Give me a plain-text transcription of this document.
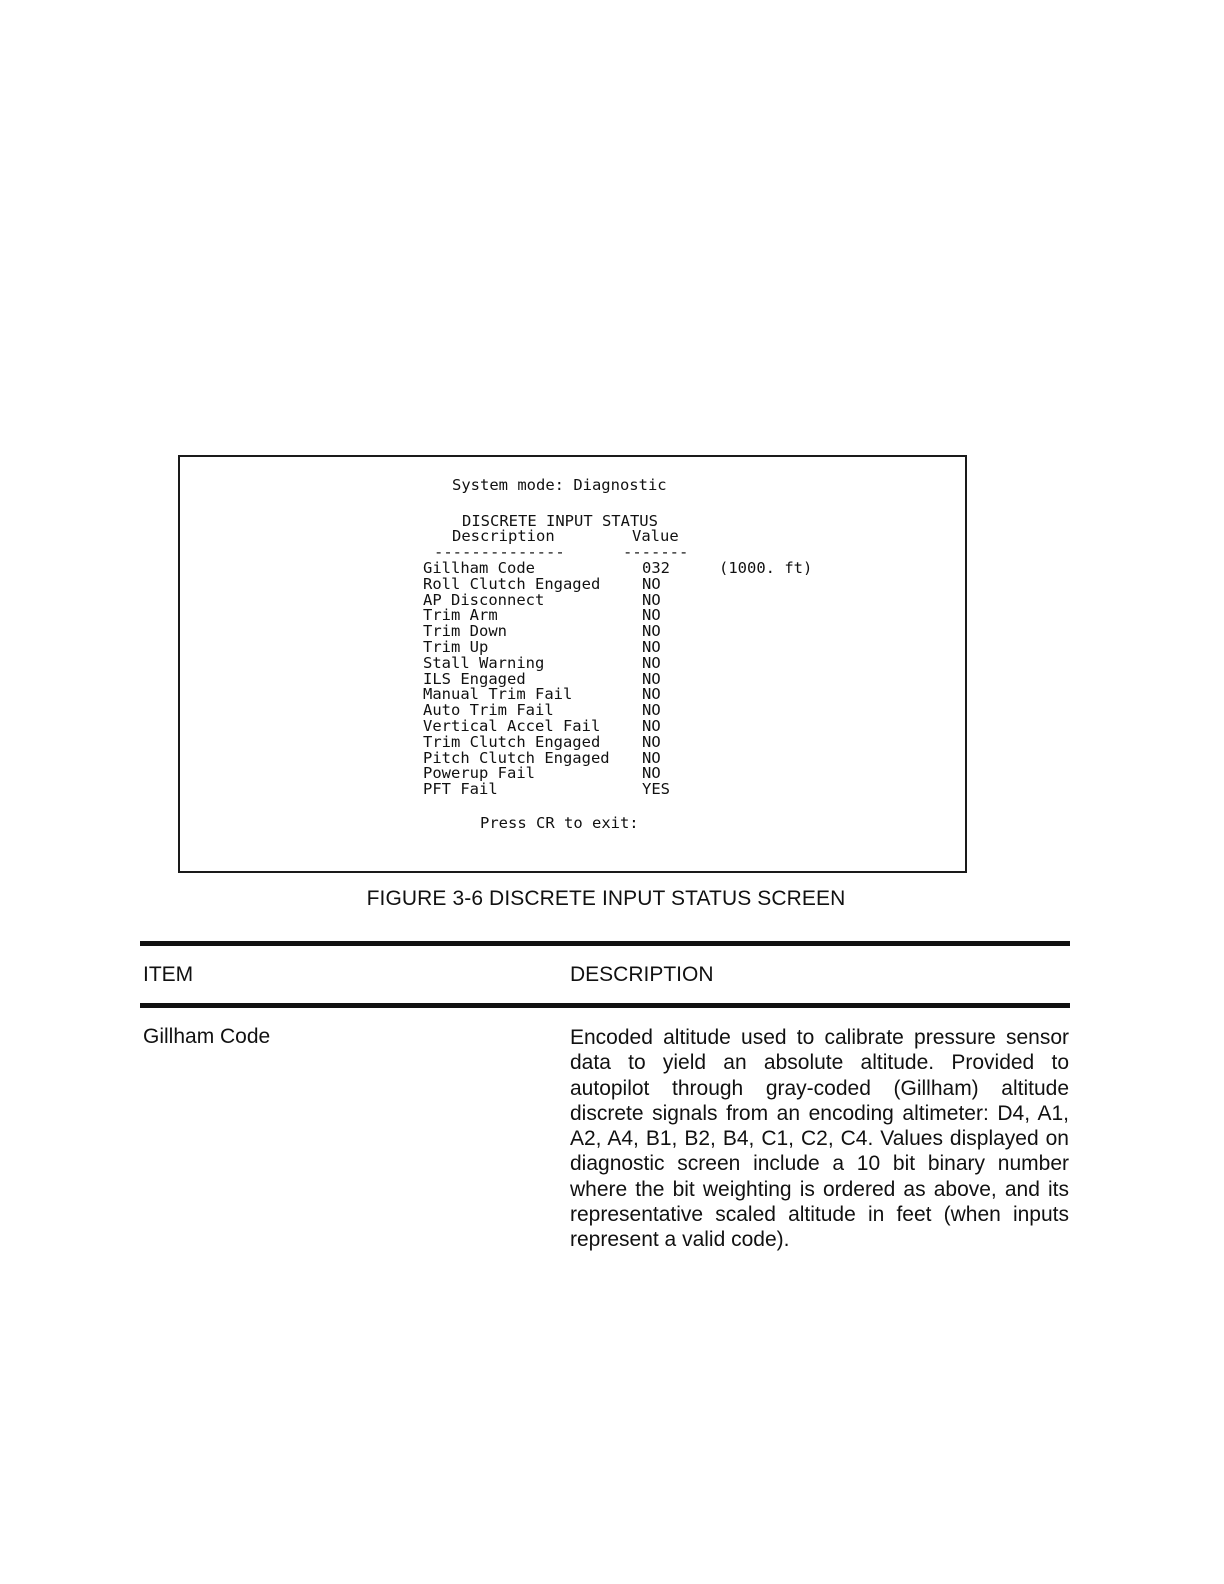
System mode: Diagnostic
DISCRETE INPUT STATUS
Description	Value
--------------	-------
Gillham Code	032	(1000. ft)
Roll Clutch Engaged	NO
AP Disconnect	NO
Trim Arm	NO
Trim Down	NO
Trim Up	NO
Stall Warning	NO
ILS Engaged	NO
Manual Trim Fail	NO
Auto Trim Fail	NO
Vertical Accel Fail	NO
Trim Clutch Engaged	NO
Pitch Clutch Engaged NO
Powerup Fail	NO
PFT Fail	YES
Press CR to exit:
FIGURE 3-6 DISCRETE INPUT STATUS SCREEN
ITEM	DESCRIPTION
Gillham Code	Encoded altitude used to calibrate pressure sensor data to yield an absolute altitude. Provided to autopilot through gray-coded (Gillham) altitude discrete signals from an encoding altimeter: D4, A1, A2, A4, B1, B2, B4, C1, C2, C4. Values displayed on diagnostic screen include a 10 bit binary number where the bit weighting is ordered as above, and its representative scaled altitude in feet (when inputs represent a valid code).
